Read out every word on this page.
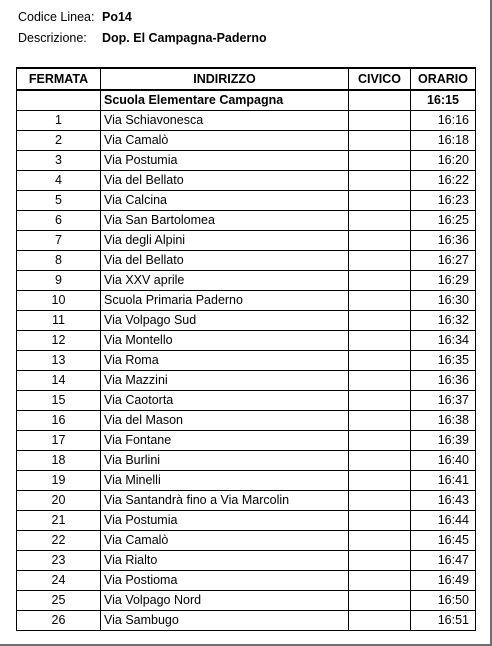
Codice Linea: Po14
Descrizione: Dop. El Campagna-Paderno
FERMATA	INDIRIZZO	CIVICO	ORARIO
	Scuola Elementare Campagna		16:15
1	Via Schiavonesca		16:16
2	Via Camalò		16:18
3	Via Postumia		16:20
4	Via del Bellato		16:22
5	Via Calcina		16:23
6	Via San Bartolomea		16:25
7	Via degli Alpini		16:36
8	Via del Bellato		16:27
9	Via XXV aprile		16:29
10	Scuola Primaria Paderno		16:30
11	Via Volpago Sud		16:32
12	Via Montello		16:34
13	Via Roma		16:35
14	Via Mazzini		16:36
15	Via Caotorta		16:37
16	Via del Mason		16:38
17	Via Fontane		16:39
18	Via Burlini		16:40
19	Via Minelli		16:41
20	Via Santandrà fino a Via Marcolin		16:43
21	Via Postumia		16:44
22	Via Camalò		16:45
23	Via Rialto		16:47
24	Via Postioma		16:49
25	Via Volpago Nord		16:50
26	Via Sambugo		16:51
